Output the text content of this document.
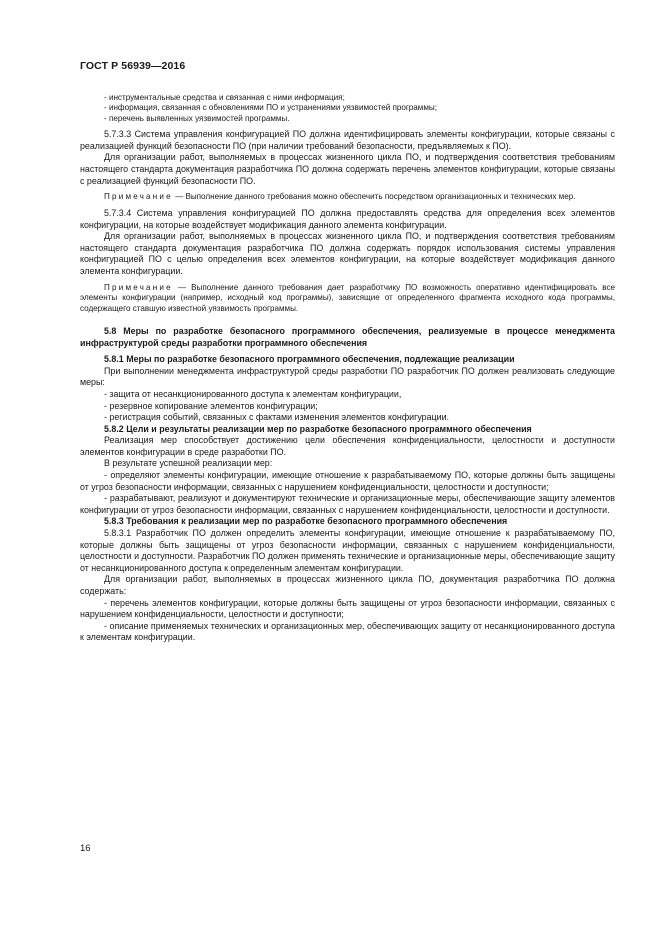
ГОСТ Р 56939—2016

- инструментальные средства и связанная с ними информация;

- информация, связанная с обновлениями ПО и устранениями уязвимостей программы;

- перечень выявленных уязвимостей программы.

5.7.3.3 Система управления конфигурацией ПО должна идентифицировать элементы конфигурации, которые связаны с реализацией функций безопасности ПО (при наличии требований безопасности, предъявляемых к ПО).

Для организации работ, выполняемых в процессах жизненного цикла ПО, и подтверждения соответствия требованиям настоящего стандарта документация разработчика ПО должна содержать перечень элементов конфигурации, которые связаны с реализацией функций безопасности ПО.

Примечание — Выполнение данного требования можно обеспечить посредством организационных и технических мер.

5.7.3.4 Система управления конфигурацией ПО должна предоставлять средства для определения всех элементов конфигурации, на которые воздействует модификация данного элемента конфигурации.

Для организации работ, выполняемых в процессах жизненного цикла ПО, и подтверждения соответствия требованиям настоящего стандарта документация разработчика ПО должна содержать порядок использования системы управления конфигурацией ПО с целью определения всех элементов конфигурации, на которые воздействует модификация данного элемента конфигурации.

Примечание — Выполнение данного требования дает разработчику ПО возможность оперативно идентифицировать все элементы конфигурации (например, исходный код программы), зависящие от определенного фрагмента исходного кода программы, содержащего ставшую известной уязвимость программы.

5.8 Меры по разработке безопасного программного обеспечения, реализуемые в процессе менеджмента инфраструктурой среды разработки программного обеспечения

5.8.1 Меры по разработке безопасного программного обеспечения, подлежащие реализации

При выполнении менеджмента инфраструктурой среды разработки ПО разработчик ПО должен реализовать следующие меры:

- защита от несанкционированного доступа к элементам конфигурации,

- резервное копирование элементов конфигурации;

- регистрация событий, связанных с фактами изменения элементов конфигурации.

5.8.2 Цели и результаты реализации мер по разработке безопасного программного обеспечения

Реализация мер способствует достижению цели обеспечения конфиденциальности, целостности и доступности элементов конфигурации в среде разработки ПО.

В результате успешной реализации мер:

- определяют элементы конфигурации, имеющие отношение к разрабатываемому ПО, которые должны быть защищены от угроз безопасности информации, связанных с нарушением конфиденциальности, целостности и доступности;

- разрабатывают, реализуют и документируют технические и организационные меры, обеспечивающие защиту элементов конфигурации от угроз безопасности информации, связанных с нарушением конфиденциальности, целостности и доступности.

5.8.3 Требования к реализации мер по разработке безопасного программного обеспечения

5.8.3.1 Разработчик ПО должен определить элементы конфигурации, имеющие отношение к разрабатываемому ПО, которые должны быть защищены от угроз безопасности информации, связанных с нарушением конфиденциальности, целостности и доступности. Разработчик ПО должен применять технические и организационные меры, обеспечивающие защиту от несанкционированного доступа к определенным элементам конфигурации.

Для организации работ, выполняемых в процессах жизненного цикла ПО, документация разработчика ПО должна содержать:

- перечень элементов конфигурации, которые должны быть защищены от угроз безопасности информации, связанных с нарушением конфиденциальности, целостности и доступности;

- описание применяемых технических и организационных мер, обеспечивающих защиту от несанкционированного доступа к элементам конфигурации.

16
